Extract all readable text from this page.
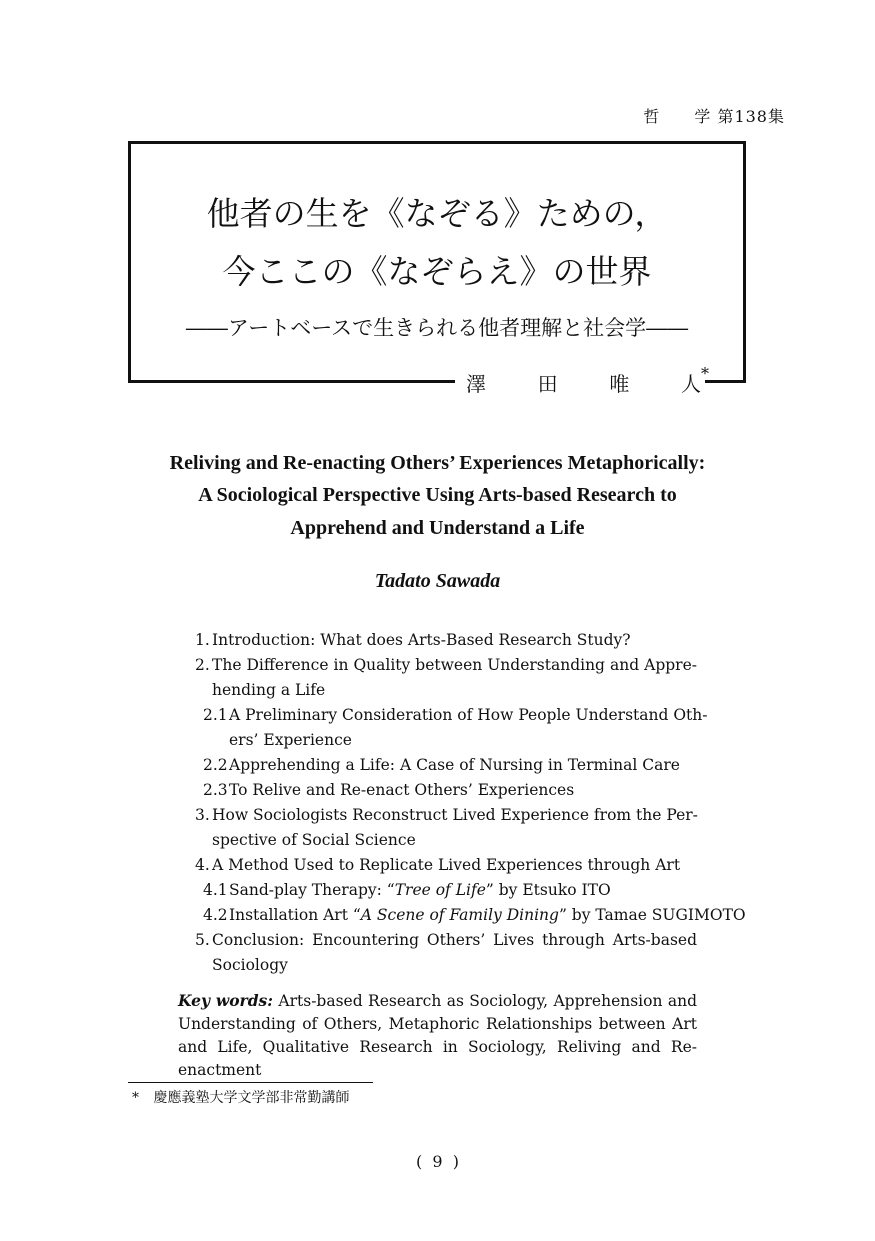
哲　　学 第138集
他者の生を《なぞる》ための，
今ここの《なぞらえ》の世界
――アートベースで生きられる他者理解と社会学――
澤	田	唯	人*
Reliving and Re-enacting Others’ Experiences Metaphorically:
A Sociological Perspective Using Arts-based Research to
Apprehend and Understand a Life
Tadato Sawada
1. Introduction: What does Arts-Based Research Study?
2. The Difference in Quality between Understanding and Appre-
hending a Life
2.1 A Preliminary Consideration of How People Understand Oth-
ers’ Experience
2.2 Apprehending a Life: A Case of Nursing in Terminal Care
2.3 To Relive and Re-enact Others’ Experiences
3. How Sociologists Reconstruct Lived Experience from the Per-
spective of Social Science
4. A Method Used to Replicate Lived Experiences through Art
4.1 Sand-play Therapy: “Tree of Life” by Etsuko ITO
4.2 Installation Art “A Scene of Family Dining” by Tamae SUGIMOTO
5. Conclusion: Encountering Others’ Lives through Arts-based
Sociology
Key words: Arts-based Research as Sociology, Apprehension and Understanding of Others, Metaphoric Relationships between Art and Life, Qualitative Research in Sociology, Reliving and Re-enactment
* 慶應義塾大学文学部非常勤講師
(  9  )
